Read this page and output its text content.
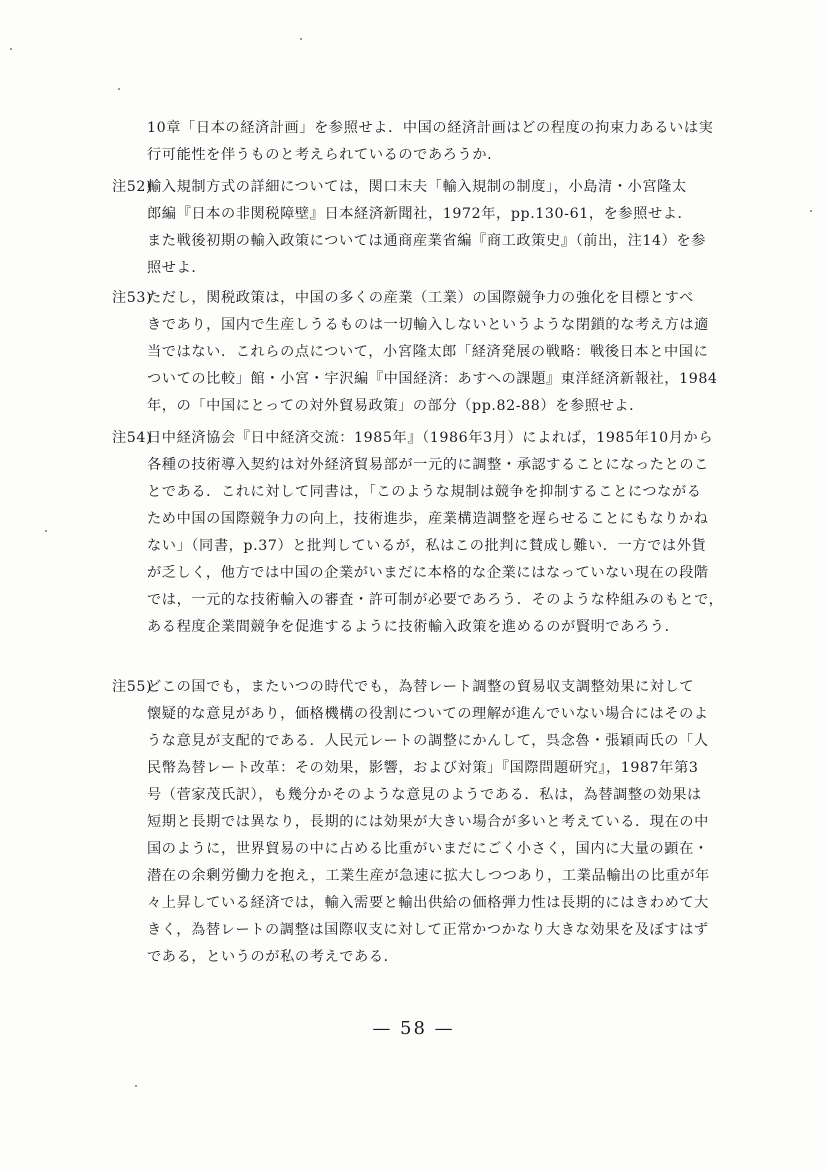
10章「日本の経済計画」を参照せよ．中国の経済計画はどの程度の拘束力あるいは実
行可能性を伴うものと考えられているのであろうか．
注52)
輸入規制方式の詳細については，関口末夫「輸入規制の制度」，小島清・小宮隆太
郎編『日本の非関税障壁』日本経済新聞社，1972年，pp.130-61，を参照せよ．
また戦後初期の輸入政策については通商産業省編『商工政策史』（前出，注14）を参
照せよ．
注53)
ただし，関税政策は，中国の多くの産業（工業）の国際競争力の強化を目標とすべ
きであり，国内で生産しうるものは一切輸入しないというような閉鎖的な考え方は適
当ではない．これらの点について，小宮隆太郎「経済発展の戦略：戦後日本と中国に
ついての比較」館・小宮・宇沢編『中国経済：あすへの課題』東洋経済新報社，1984
年，の「中国にとっての対外貿易政策」の部分（pp.82-88）を参照せよ．
注54)
日中経済協会『日中経済交流：1985年』（1986年3月）によれば，1985年10月から
各種の技術導入契約は対外経済貿易部が一元的に調整・承認することになったとのこ
とである．これに対して同書は，「このような規制は競争を抑制することにつながる
ため中国の国際競争力の向上，技術進歩，産業構造調整を遅らせることにもなりかね
ない」（同書，p.37）と批判しているが，私はこの批判に賛成し難い．一方では外貨
が乏しく，他方では中国の企業がいまだに本格的な企業にはなっていない現在の段階
では，一元的な技術輸入の審査・許可制が必要であろう．そのような枠組みのもとで，
ある程度企業間競争を促進するように技術輸入政策を進めるのが賢明であろう．
注55)
どこの国でも，またいつの時代でも，為替レート調整の貿易収支調整効果に対して
懐疑的な意見があり，価格機構の役割についての理解が進んでいない場合にはそのよ
うな意見が支配的である．人民元レートの調整にかんして，呉念魯・張穎両氏の「人
民幣為替レート改革：その効果，影響，および対策」『国際問題研究』，1987年第3
号（菅家茂氏訳），も幾分かそのような意見のようである．私は，為替調整の効果は
短期と長期では異なり，長期的には効果が大きい場合が多いと考えている．現在の中
国のように，世界貿易の中に占める比重がいまだにごく小さく，国内に大量の顕在・
潜在の余剰労働力を抱え，工業生産が急速に拡大しつつあり，工業品輸出の比重が年
々上昇している経済では，輸入需要と輸出供給の価格弾力性は長期的にはきわめて大
きく，為替レートの調整は国際収支に対して正常かつかなり大きな効果を及ぼすはず
である，というのが私の考えである．
— 58 —
